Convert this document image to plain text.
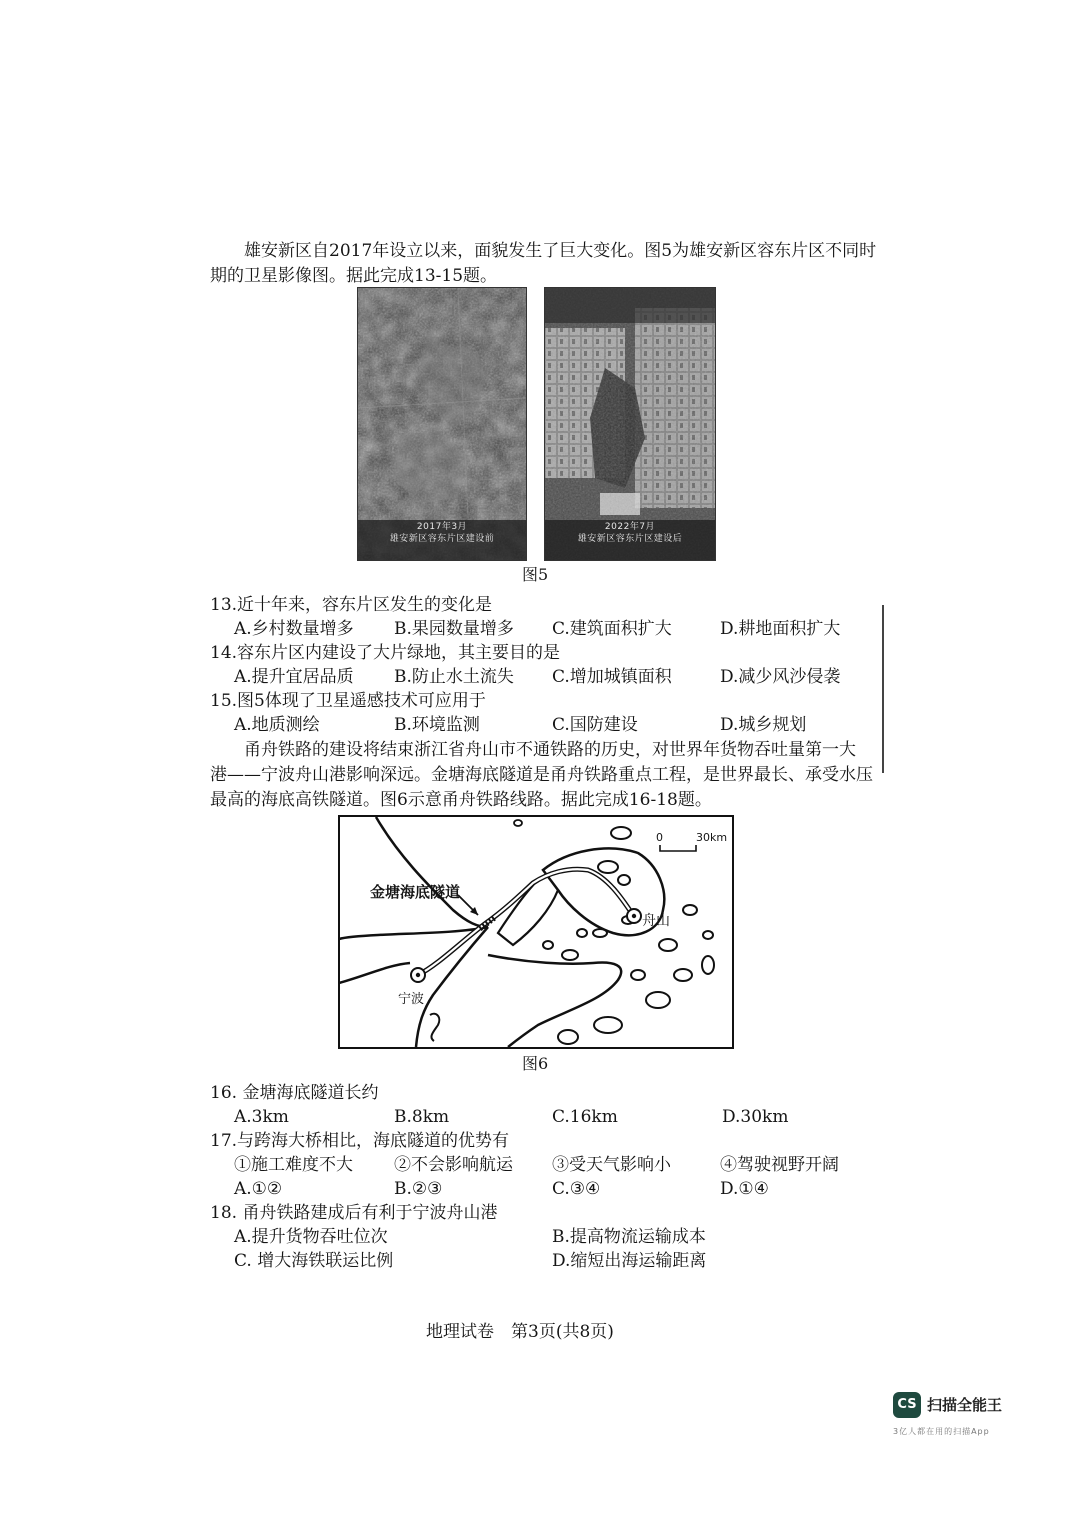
雄安新区自2017年设立以来，面貌发生了巨大变化。图5为雄安新区容东片区不同时
期的卫星影像图。据此完成13-15题。
2017年3月
雄安新区容东片区建设前
2022年7月
雄安新区容东片区建设后
图5
13.近十年来，容东片区发生的变化是
A.乡村数量增多 B.果园数量增多 C.建筑面积扩大	D.耕地面积扩大
14.容东片区内建设了大片绿地，其主要目的是
A.提升宜居品质 B.防止水土流失 C.增加城镇面积	D.减少风沙侵袭
15.图5体现了卫星遥感技术可应用于
A.地质测绘	B.环境监测	C.国防建设	D.城乡规划
甬舟铁路的建设将结束浙江省舟山市不通铁路的历史，对世界年货物吞吐量第一大
港——宁波舟山港影响深远。金塘海底隧道是甬舟铁路重点工程，是世界最长、承受水压
最高的海底高铁隧道。图6示意甬舟铁路线路。据此完成16-18题。
金塘海底隧道
宁波
舟山
0	30km
图6
16. 金塘海底隧道长约
A.3km	B.8km	C.16km	D.30km
17.与跨海大桥相比，海底隧道的优势有
①施工难度不大 ②不会影响航运 ③受天气影响小	④驾驶视野开阔
A.①②	B.②③	C.③④	D.①④
18. 甬舟铁路建成后有利于宁波舟山港
A.提升货物吞吐位次	B.提高物流运输成本
C. 增大海铁联运比例	D.缩短出海运输距离
地理试卷　第3页(共8页)
CS 扫描全能王
3亿人都在用的扫描App
